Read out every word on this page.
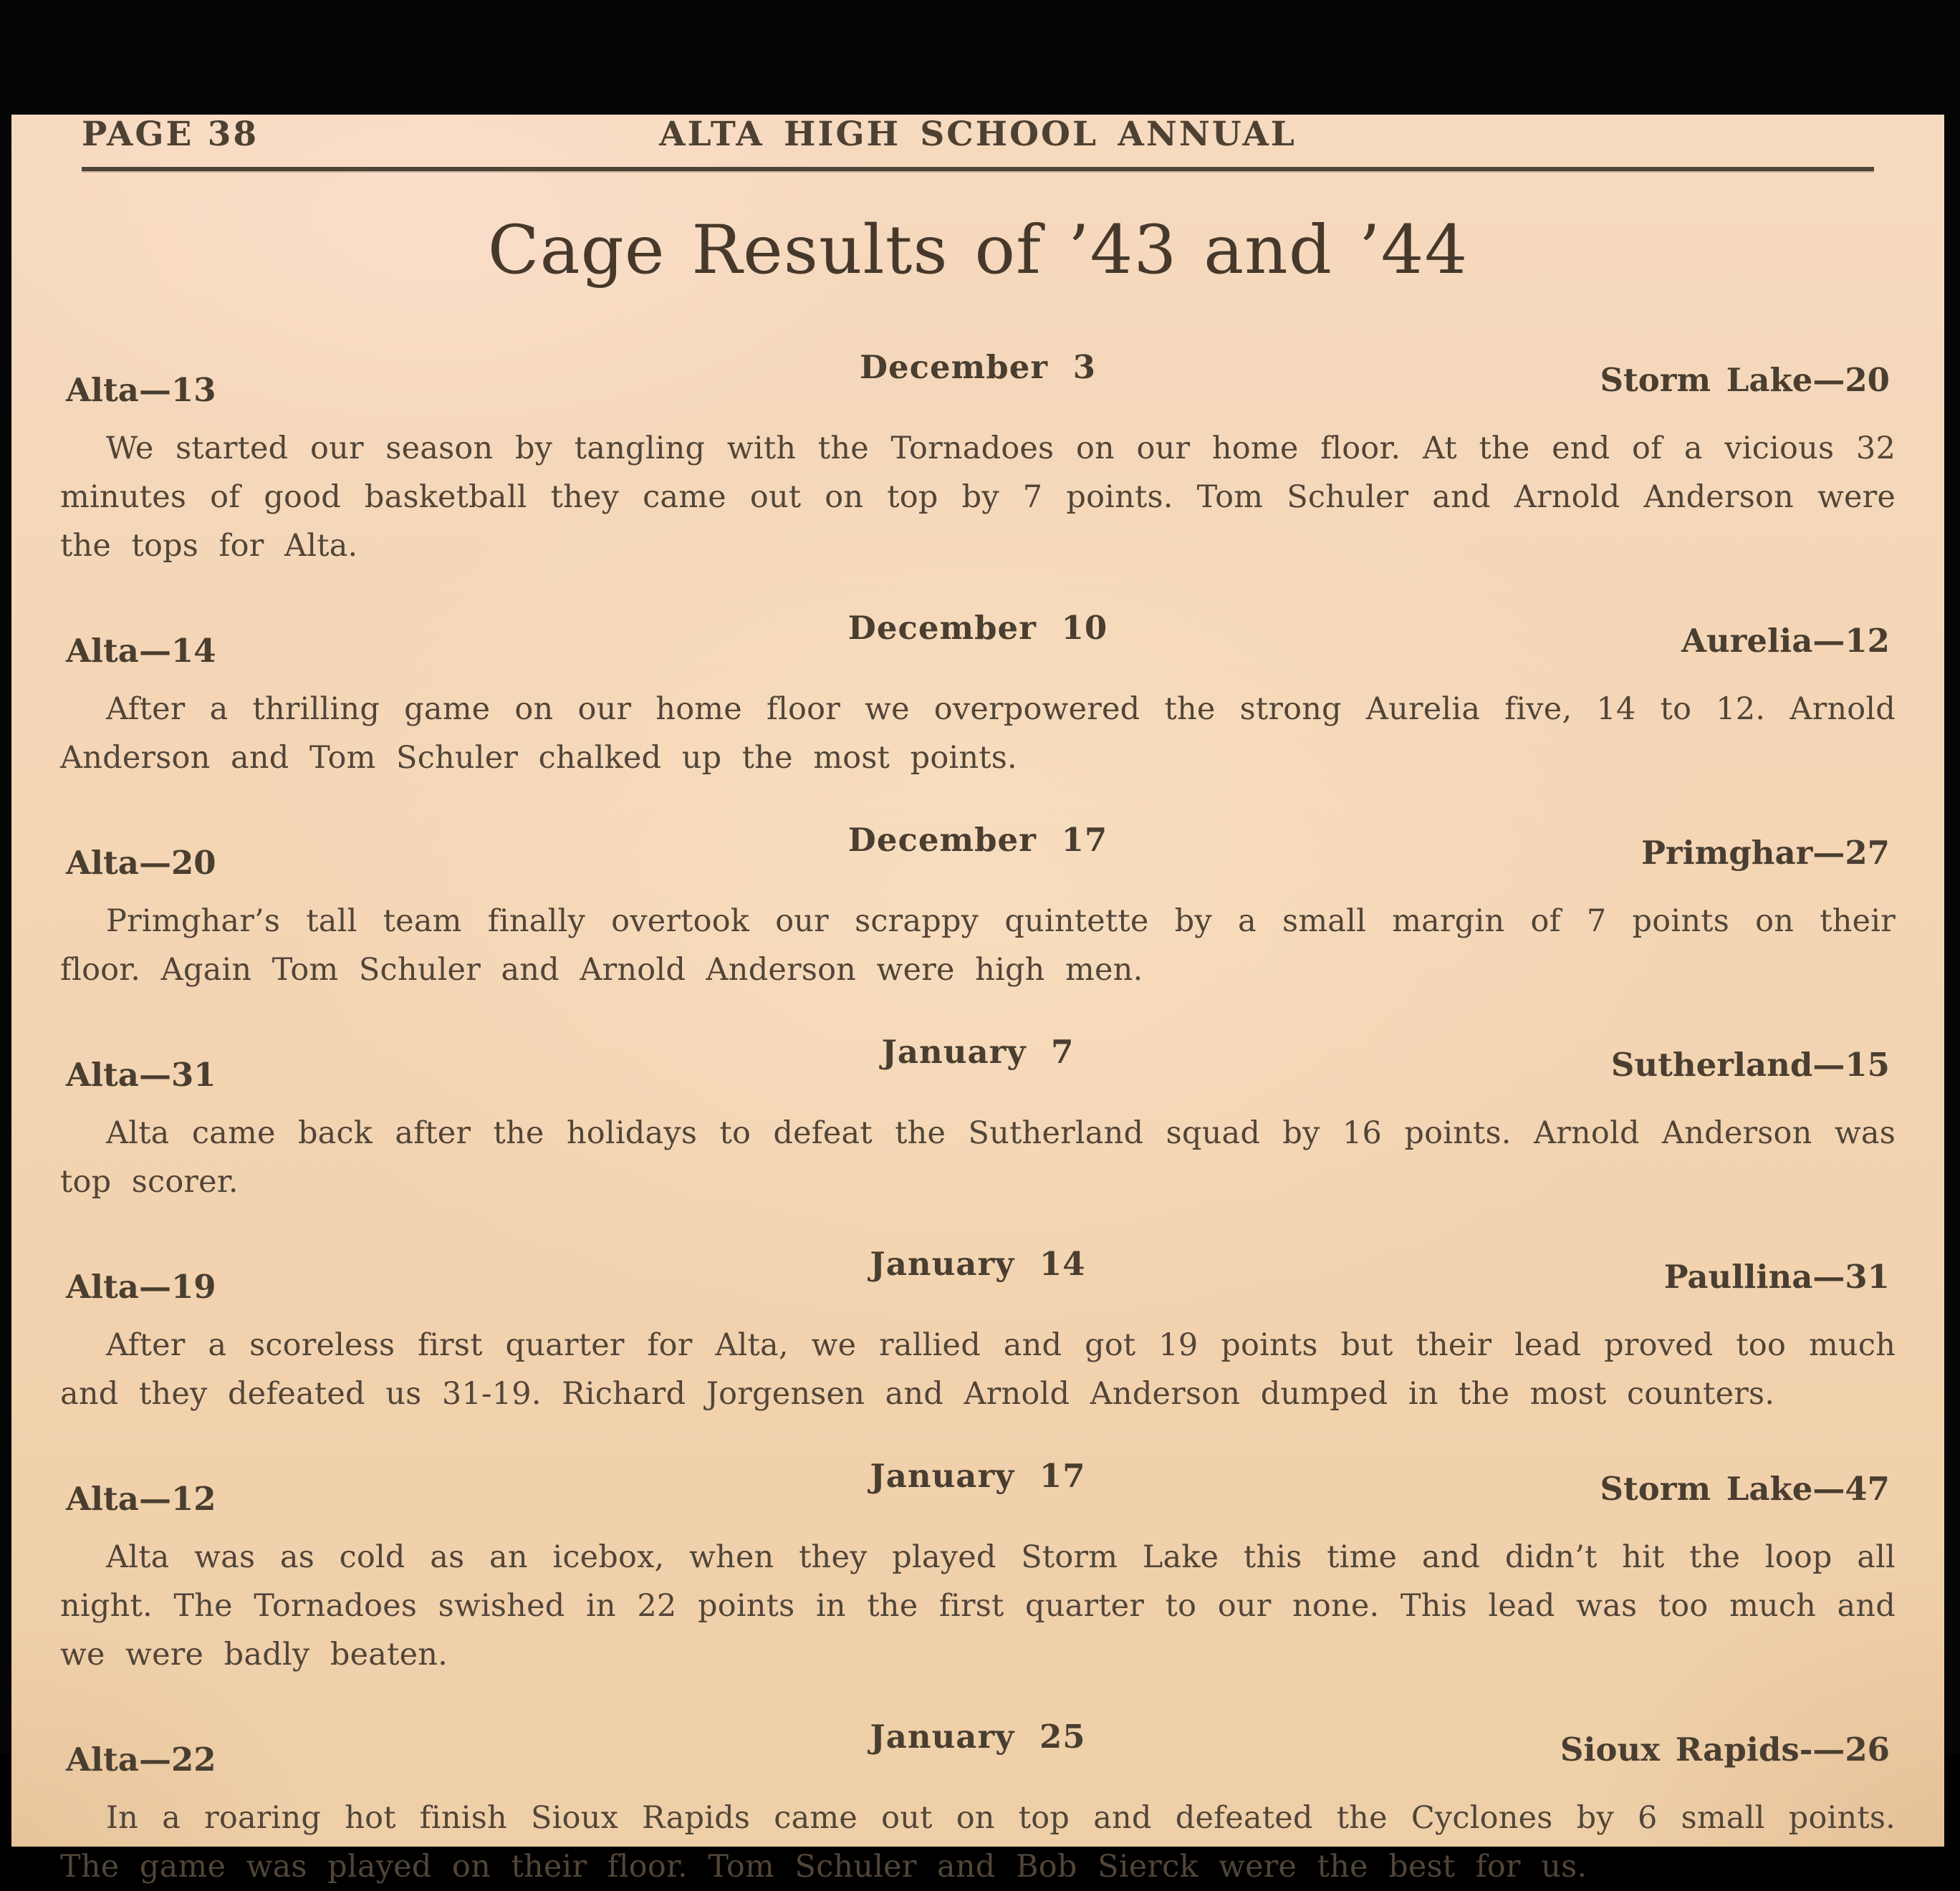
PAGE 38	ALTA HIGH SCHOOL ANNUAL
Cage Results of ’43 and ’44
Alta—13
December 3	Storm Lake—20

We started our season by tangling with the Tornadoes on our home floor. At the end of a vicious 32 minutes of good basketball they came out on top by 7 points. Tom Schuler and Arnold Anderson were the tops for Alta.

Alta—14
December 10	Aurelia—12

After a thrilling game on our home floor we overpowered the strong Aurelia five, 14 to 12. Arnold Anderson and Tom Schuler chalked up the most points.

Alta—20
December 17	Primghar—27

Primghar’s tall team finally overtook our scrappy quintette by a small margin of 7 points on their floor. Again Tom Schuler and Arnold Anderson were high men.

Alta—31
January 7	Sutherland—15

Alta came back after the holidays to defeat the Sutherland squad by 16 points. Arnold Anderson was top scorer.

Alta—19
January 14	Paullina—31

After a scoreless first quarter for Alta, we rallied and got 19 points but their lead proved too much and they defeated us 31-19. Richard Jorgensen and Arnold Anderson dumped in the most counters.

Alta—12
January 17	Storm Lake—47

Alta was as cold as an icebox, when they played Storm Lake this time and didn’t hit the loop all night. The Tornadoes swished in 22 points in the first quarter to our none. This lead was too much and we were badly beaten.

Alta—22
January 25	Sioux Rapids-—26

In a roaring hot finish Sioux Rapids came out on top and defeated the Cyclones by 6 small points. The game was played on their floor. Tom Schuler and Bob Sierck were the best for us.
